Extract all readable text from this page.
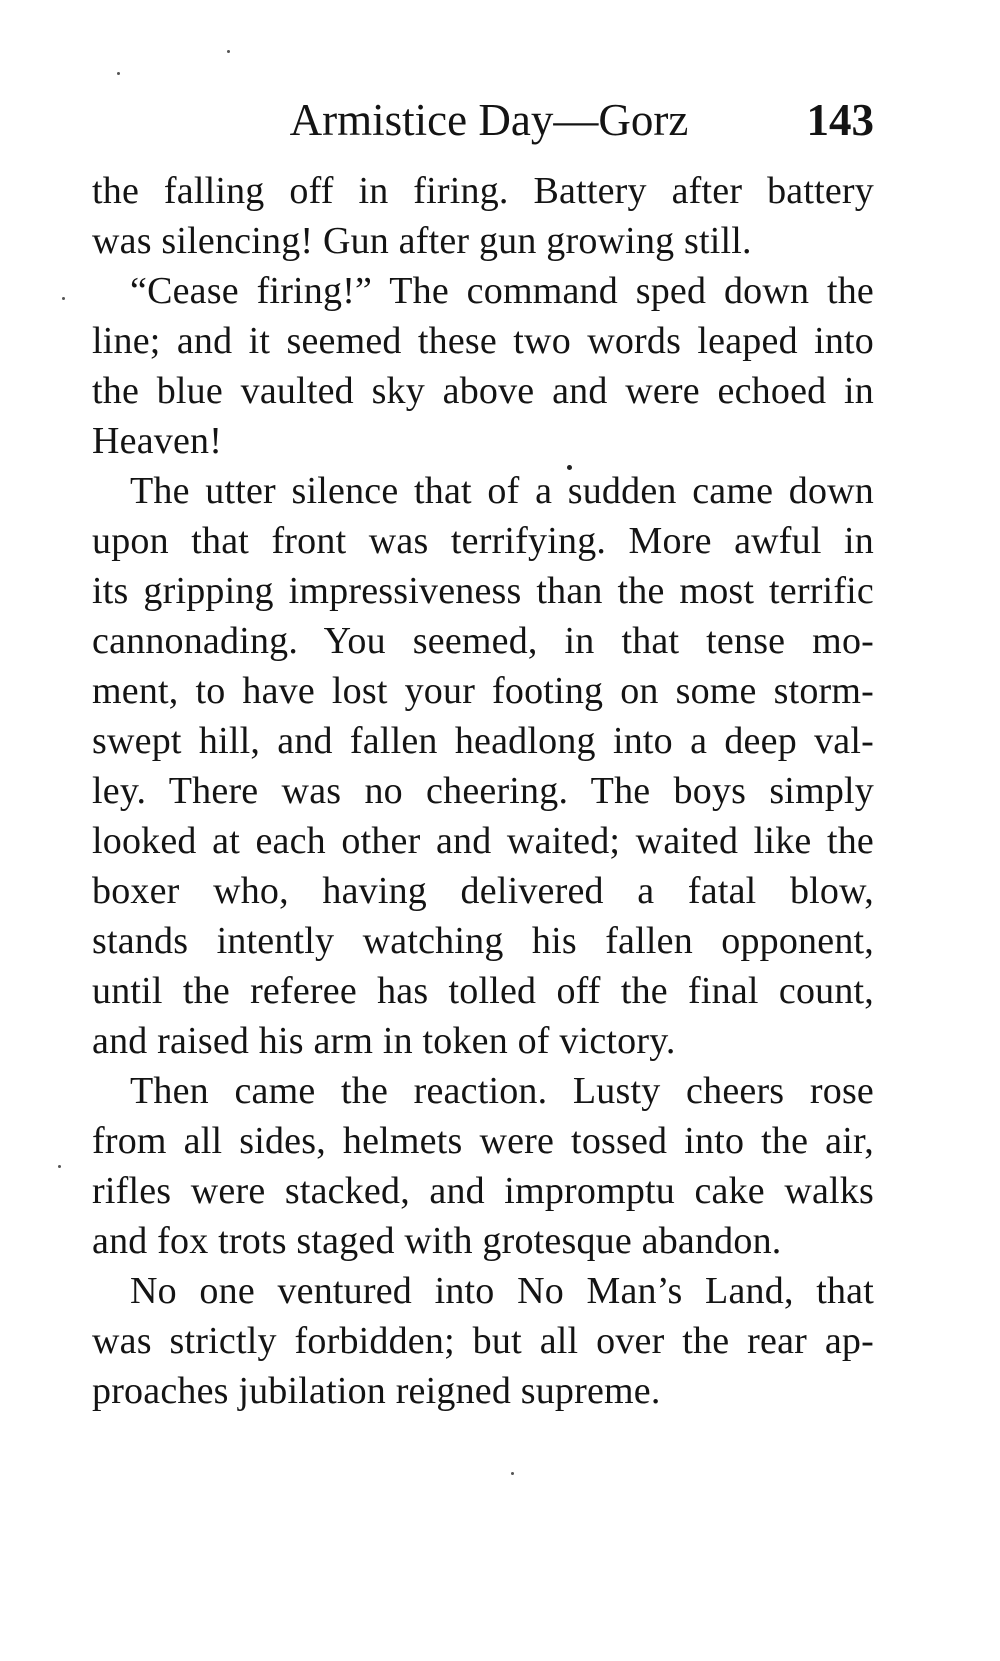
Armistice Day—Gorz	143

the falling off in firing. Battery after battery
was silencing! Gun after gun growing still.

“Cease firing!” The command sped down the
line; and it seemed these two words leaped into
the blue vaulted sky above and were echoed in
Heaven!

The utter silence that of a sudden came down
upon that front was terrifying. More awful in
its gripping impressiveness than the most terrific
cannonading. You seemed, in that tense mo-
ment, to have lost your footing on some storm-
swept hill, and fallen headlong into a deep val-
ley. There was no cheering. The boys simply
looked at each other and waited; waited like the
boxer who, having delivered a fatal blow,
stands intently watching his fallen opponent,
until the referee has tolled off the final count,
and raised his arm in token of victory.

Then came the reaction. Lusty cheers rose
from all sides, helmets were tossed into the air,
rifles were stacked, and impromptu cake walks
and fox trots staged with grotesque abandon.

No one ventured into No Man’s Land, that
was strictly forbidden; but all over the rear ap-
proaches jubilation reigned supreme.
